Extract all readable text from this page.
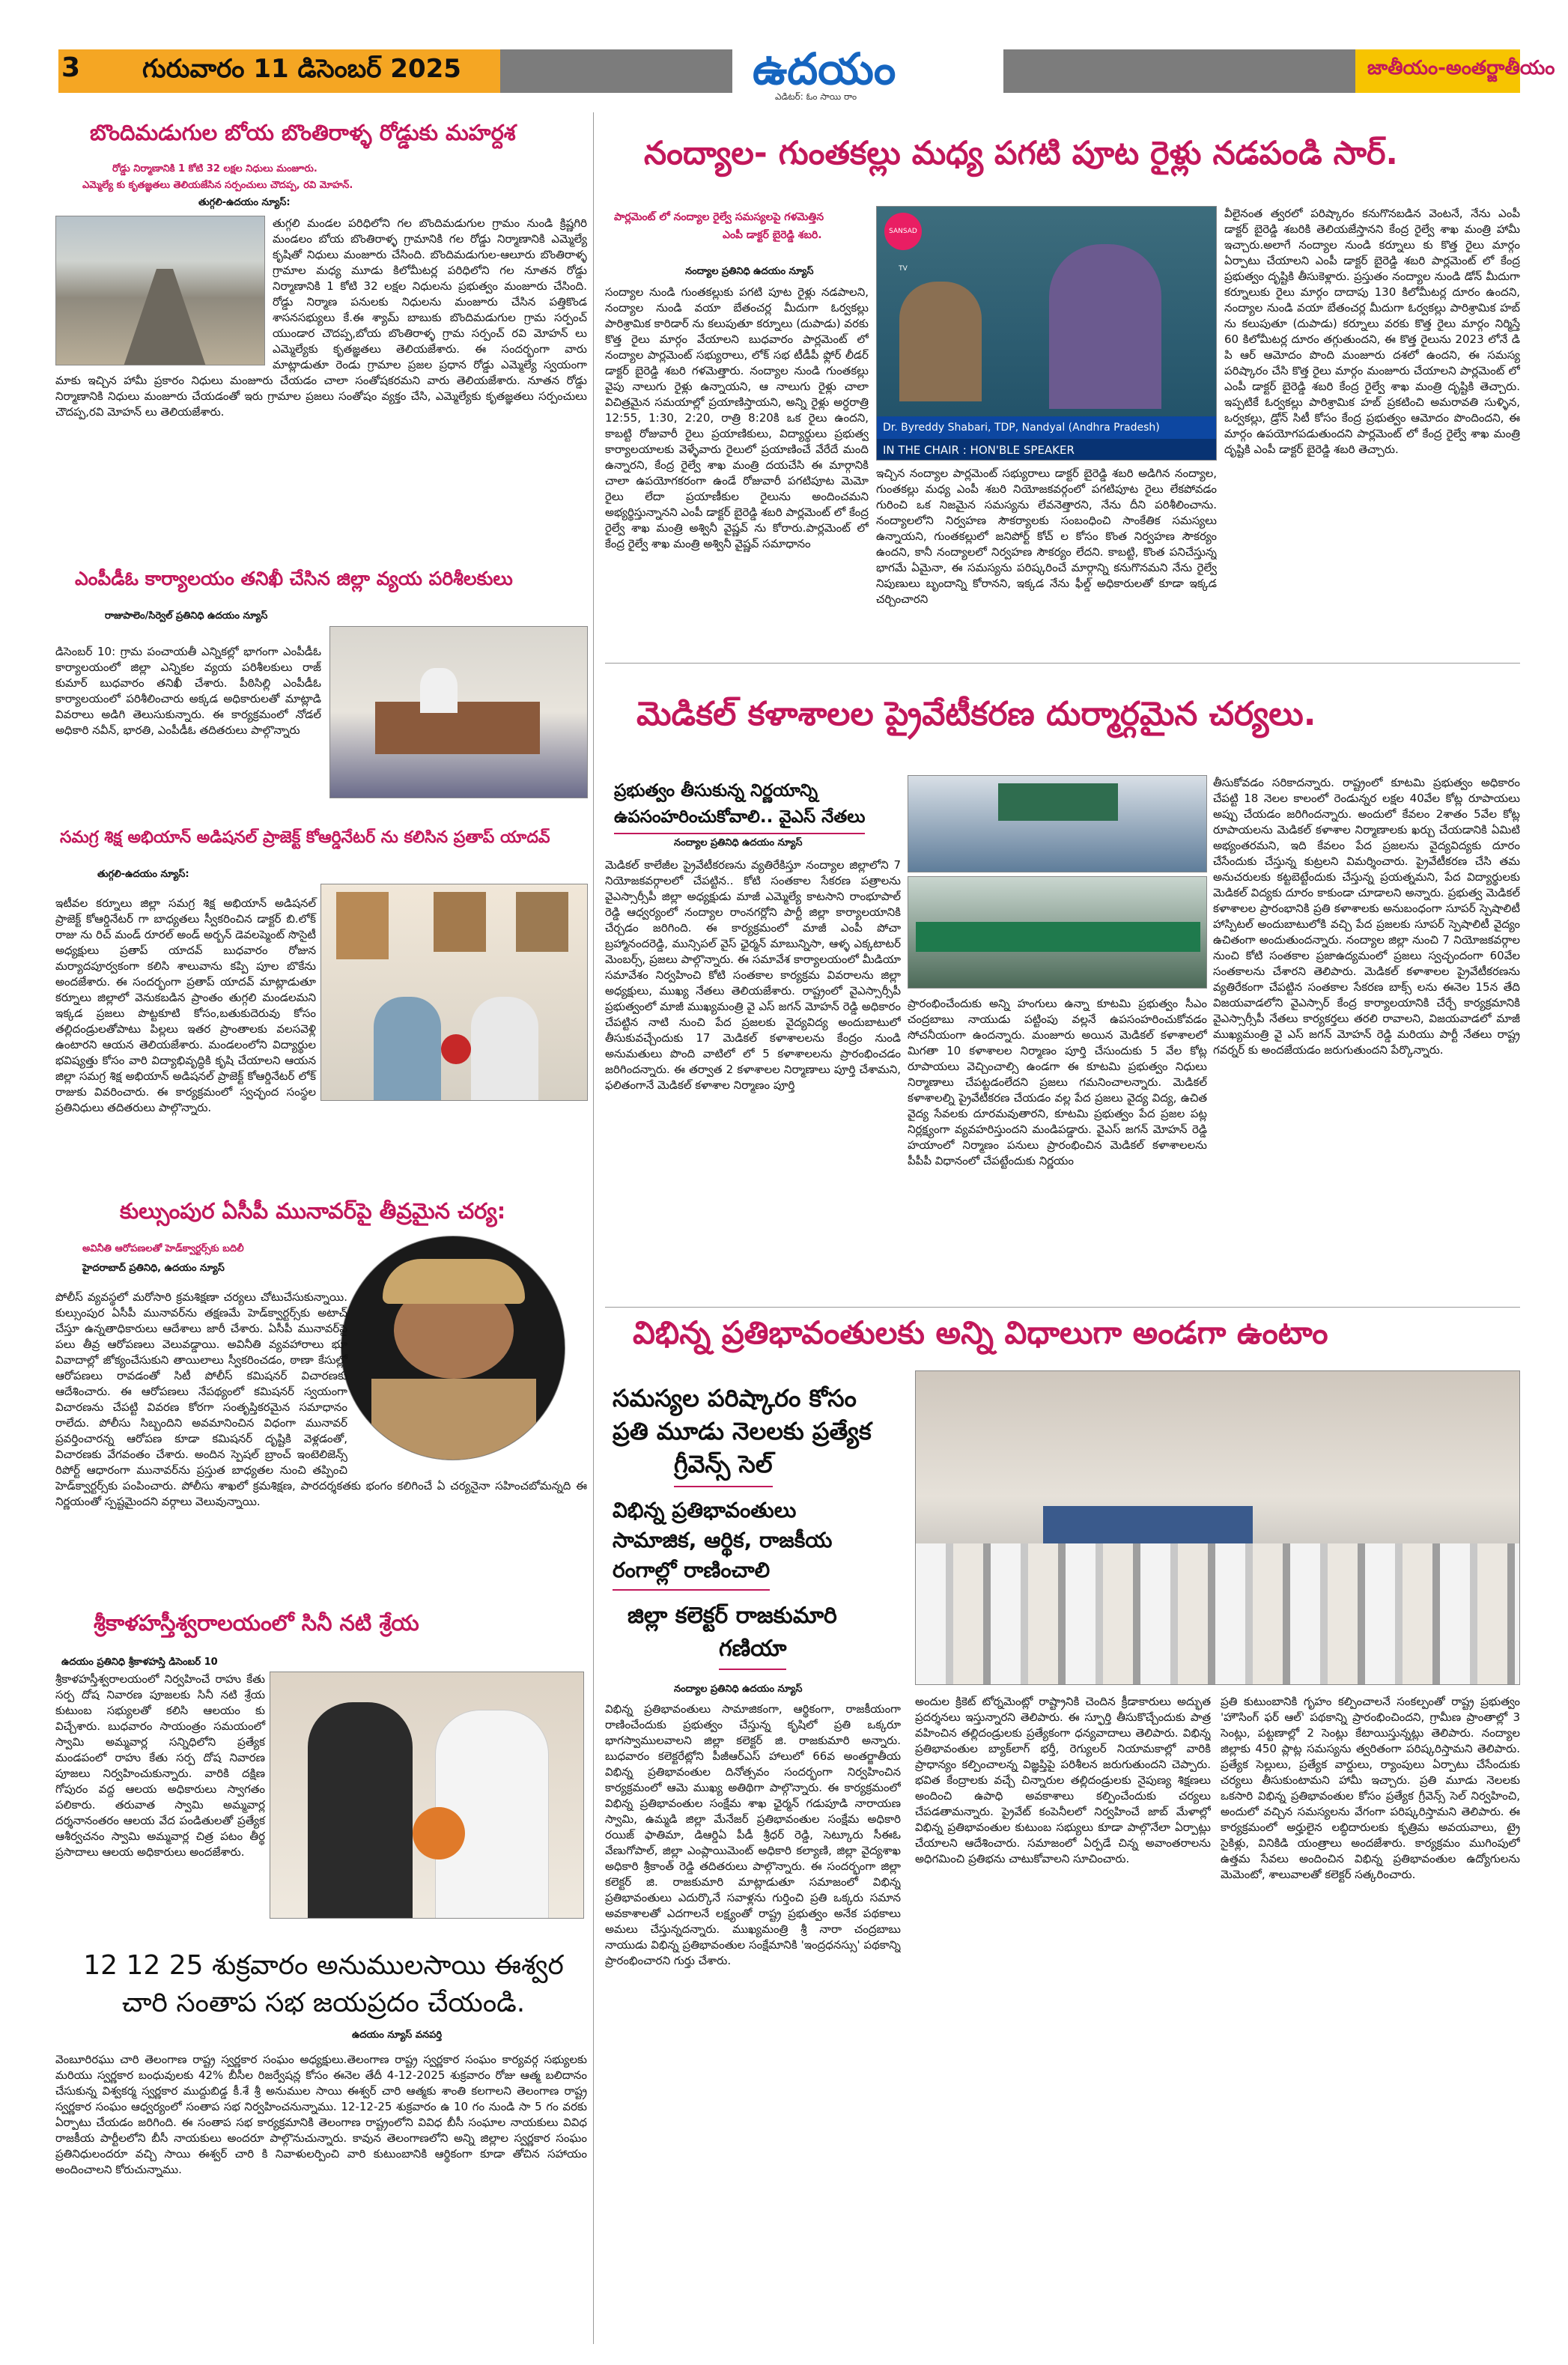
3	గురువారం 11 డిసెంబర్ 2025	ఉదయం
ఎడిటర్: ఓం సాయి రాం
జాతీయం-అంతర్జాతీయం
బొందిమడుగుల బోయ బొంతిరాళ్ళ రోడ్డుకు మహర్దశ
రోడ్డు నిర్మాణానికి 1 కోటి 32 లక్షల నిధులు మంజూరు.
ఎమ్మెల్యే కు కృతజ్ఞతలు తెలియజేసిన సర్పంచులు చౌదప్ప, రవి మోహన్.
తుగ్గలి-ఉదయం న్యూస్:
తుగ్గలి మండల పరిధిలోని గల బొందిమడుగుల గ్రామం నుండి క్రిష్ణగిరి మండలం బోయ బొంతిరాళ్ళ గ్రామానికి గల రోడ్డు నిర్మాణానికి ఎమ్మెల్యే కృషితో నిధులు మంజూరు చేసింది. బొందిమడుగుల-ఆలూరు బొంతిరాళ్ళ గ్రామాల మధ్య మూడు కిలోమీటర్ల పరిధిలోని గల నూతన రోడ్డు నిర్మాణానికి 1 కోటి 32 లక్షల నిధులను ప్రభుత్వం మంజూరు చేసింది. రోడ్డు నిర్మాణ పనులకు నిధులను మంజూరు చేసిన పత్తికొండ శాసనసభ్యులు కే.ఈ శ్యామ్ బాబుకు బొందిమడుగుల గ్రామ సర్పంచ్ యుండార చౌదప్ప,బోయ బొంతిరాళ్ళ గ్రామ సర్పంచ్ రవి మోహన్ లు ఎమ్మెల్యేకు కృతజ్ఞతలు తెలియజేశారు. ఈ సందర్భంగా వారు మాట్లాడుతూ రెండు గ్రామాల ప్రజల ప్రధాన రోడ్డు ఎమ్మెల్యే స్వయంగా మాకు ఇచ్చిన హామీ ప్రకారం నిధులు మంజూరు చేయడం చాలా సంతోషకరమని వారు తెలియజేశారు. నూతన రోడ్డు నిర్మాణానికి నిధులు మంజూరు చేయడంతో ఇరు గ్రామాల ప్రజలు సంతోషం వ్యక్తం చేసి, ఎమ్మెల్యేకు కృతజ్ఞతలు సర్పంచులు చౌదప్ప,రవి మోహన్ లు తెలియజేశారు.
ఎంపీడీఓ కార్యాలయం తనిఖీ చేసిన జిల్లా వ్యయ పరిశీలకులు
రాజుపాలెం/సిర్వెల్ ప్రతినిధి ఉదయం న్యూస్
డిసెంబర్ 10: గ్రామ పంచాయతీ ఎన్నికల్లో భాగంగా ఎంపీడీఓ కార్యాలయంలో జిల్లా ఎన్నికల వ్యయ పరిశీలకులు రాజ్ కుమార్ బుధవారం తనిఖీ చేశారు. పీఠిసిల్లి ఎంపీడీఓ కార్యాలయంలో పరిశీలించారు అక్కడ అధికారులతో మాట్లాడి వివరాలు అడిగి తెలుసుకున్నారు. ఈ కార్యక్రమంలో నోడల్ అధికారి నవీన్, భారతి, ఎంపీడీఓ తదితరులు పాల్గొన్నారు
సమగ్ర శిక్ష అభియాన్ అడిషనల్ ప్రాజెక్ట్ కోఆర్డినేటర్ ను కలిసిన ప్రతాప్ యాదవ్
తుగ్గలి-ఉదయం న్యూస్:
ఇటీవల కర్నూలు జిల్లా సమగ్ర శిక్ష అభియాన్ అడిషనల్ ప్రాజెక్ట్ కోఆర్డినేటర్ గా బాధ్యతలు స్వీకరించిన డాక్టర్ బి.లోక్ రాజు ను రిచ్ మండ్ రూరల్ అండ్ అర్బన్ డెవలప్మెంట్ సొసైటీ అధ్యక్షులు ప్రతాప్ యాదవ్ బుధవారం రోజున మర్యాదపూర్వకంగా కలిసి శాలువాను కప్పి పూల బొకేను అందజేశారు. ఈ సందర్భంగా ప్రతాప్ యాదవ్ మాట్లాడుతూ కర్నూలు జిల్లాలో వెనుకబడిన ప్రాంతం తుగ్గలి మండలమని ఇక్కడ ప్రజలు పొట్టకూటి కోసం,బతుకుదెరువు కోసం తల్లిదండ్రులతోపాటు పిల్లలు ఇతర ప్రాంతాలకు వలసవెళ్లి ఉంటారని ఆయన తెలియజేశారు. మండలంలోని విద్యార్థుల భవిష్యత్తు కోసం వారి విద్యాభివృద్ధికి కృషి చేయాలని ఆయన జిల్లా సమగ్ర శిక్ష అభియాన్ అడిషనల్ ప్రాజెక్ట్ కోఆర్డినేటర్ లోక్ రాజుకు వివరించారు. ఈ కార్యక్రమంలో స్వచ్ఛంద సంస్థల ప్రతినిధులు తదితరులు పాల్గొన్నారు.
కుల్సుంపుర ఏసీపీ మునావర్‌పై తీవ్రమైన చర్య:
అవినీతి ఆరోపణలతో హెడ్‌క్వార్టర్స్‌కు బదిలీ
హైదరాబాద్ ప్రతినిధి, ఉదయం న్యూస్
పోలీస్ వ్యవస్థలో మరోసారి క్రమశిక్షణా చర్యలు చోటుచేసుకున్నాయి. కుల్సుంపుర ఏసీపీ మునావర్‌ను తక్షణమే హెడ్‌క్వార్టర్స్‌కు అటాచ్ చేస్తూ ఉన్నతాధికారులు ఆదేశాలు జారీ చేశారు. ఏసీపీ మునావర్‌పై పలు తీవ్ర ఆరోపణలు వెలువడ్డాయి. అవినీతి వ్యవహారాలు భూ వివాదాల్లో జోక్యంచేసుకుని తాయిలాలు స్వీకరించడం, ఠాణా కేసుల్లో ఆరోపణలు రావడంతో సిటీ పోలీస్ కమిషనర్ విచారణకు ఆదేశించారు. ఈ ఆరోపణలు నేపథ్యంలో కమిషనర్ స్వయంగా విచారణను చేపట్టి వివరణ కోరగా సంతృప్తికరమైన సమాధానం రాలేదు. పోలీసు సిబ్బందిని అవమానించిన విధంగా మునావర్ ప్రవర్తించారన్న ఆరోపణ కూడా కమిషనర్ దృష్టికి వెళ్లడంతో, విచారణకు వేగవంతం చేశారు. అందిన స్పెషల్ బ్రాంచ్ ఇంటెలిజెన్స్ రిపోర్ట్ ఆధారంగా మునావర్‌ను ప్రస్తుత బాధ్యతల నుంచి తప్పించి హెడ్‌క్వార్టర్స్‌కు పంపించారు. పోలీసు శాఖలో క్రమశిక్షణ, పారదర్శకతకు భంగం కలిగించే ఏ చర్యనైనా సహించబోమన్నది ఈ నిర్ణయంతో స్పష్టమైందని వర్గాలు వెలువున్నాయి.
శ్రీకాళహస్తీశ్వరాలయంలో సినీ నటి శ్రేయ
ఉదయం ప్రతినిధి శ్రీకాళహస్తి డిసెంబర్ 10
శ్రీకాళహస్తీశ్వరాలయంలో నిర్వహించే రాహు కేతు సర్ప దోష నివారణ పూజలకు సినీ నటి శ్రేయ కుటుంబ సభ్యులతో కలిసి ఆలయం కు విచ్చేశారు. బుధవారం సాయంత్రం సమయంలో స్వామి అమ్మవార్ల సన్నిధిలోని ప్రత్యేక మండపంలో రాహు కేతు సర్ప దోష నివారణ పూజలు నిర్వహించుకున్నారు. వారికి దక్షిణ గోపురం వద్ద ఆలయ అధికారులు స్వాగతం పలికారు. తరువాత స్వామి అమ్మవార్ల దర్శనానంతరం ఆలయ వేద పండితులతో ప్రత్యేక ఆశీర్వచనం స్వామి అమ్మవార్ల చిత్ర పటం తీర్థ ప్రసాదాలు ఆలయ అధికారులు అందజేశారు.
12 12 25 శుక్రవారం అనుములసాయి ఈశ్వర చారి సంతాప సభ జయప్రదం చేయండి.
ఉదయం న్యూస్ వనపర్తి
వెంబూరిరఘు చారి తెలంగాణ రాష్ట్ర స్వర్ణకార సంఘం అధ్యక్షులు.తెలంగాణ రాష్ట్ర స్వర్ణకార సంఘం కార్యవర్గ సభ్యులకు మరియు స్వర్ణకార బంధువులకు 42% బీసీల రిజర్వేషన్ల కోసం ఈనెల తేదీ 4-12-2025 శుక్రవారం రోజు ఆత్మ బలిదానం చేసుకున్న విశ్వకర్మ స్వర్ణకార ముద్దుబిడ్డ కీ.శే శ్రీ అనుముల సాయి ఈశ్వర్ చారి ఆత్మకు శాంతి కలగాలని తెలంగాణ రాష్ట్ర స్వర్ణకార సంఘం ఆధ్వర్యంలో సంతాప సభ నిర్వహించనున్నాము. 12-12-25 శుక్రవారం ఉ 10 గం నుండి సా 5 గం వరకు ఏర్పాటు చేయడం జరిగింది. ఈ సంతాప సభ కార్యక్రమానికి తెలంగాణ రాష్ట్రంలోని వివిధ బీసీ సంఘాల నాయకులు వివిధ రాజకీయ పార్టీలలోని బీసీ నాయకులు అందరూ పాల్గొనుచున్నారు. కావున తెలంగాణలోని అన్ని జిల్లాల స్వర్ణకార సంఘం ప్రతినిధులందరూ వచ్చి సాయి ఈశ్వర్ చారి కి నివాళులర్పించి వారి కుటుంబానికి ఆర్థికంగా కూడా తోచిన సహాయం అందించాలని కోరుచున్నాము.
నంద్యాల- గుంతకల్లు మధ్య పగటి పూట రైళ్లు నడపండి సార్.
పార్లమెంట్ లో నంద్యాల రైల్వే సమస్యలపై గళమెత్తిన
ఎంపీ డాక్టర్ బైరెడ్డి శబరి.
నంద్యాల ప్రతినిధి ఉదయం న్యూస్
SANSAD TV
Dr. Byreddy Shabari, TDP, Nandyal (Andhra Pradesh)
IN THE CHAIR : HON'BLE SPEAKER
సంద్యాల నుండి గుంతకల్లుకు పగటి పూట రైళ్లు నడపాలని, నంద్యాల నుండి వయా బేతంచర్ల మీదుగా ఓర్వకల్లు పారిశ్రామిక కారిడార్ ను కలుపుతూ కర్నూలు (దుపాడు) వరకు కొత్త రైలు మార్గం వేయాలని బుధవారం పార్లమెంట్ లో నంద్యాల పార్లమెంట్ సభ్యురాలు, లోక్ సభ టీడీపీ ఫ్లోర్ లీడర్ డాక్టర్ బైరెడ్డి శబరి గళమెత్తారు. నంద్యాల నుండి గుంతకల్లు వైపు నాలుగు రైళ్లు ఉన్నాయని, ఆ నాలుగు రైళ్లు చాలా విచిత్రమైన సమయాల్లో ప్రయాణిస్తాయని, అన్ని రైళ్లు అర్ధరాత్రి 12:55, 1:30, 2:20, రాత్రి 8:20కి ఒక రైలు ఉందని, కాబట్టి రోజువారీ రైలు ప్రయాణికులు, విద్యార్థులు ప్రభుత్వ కార్యాలయాలకు వెళ్ళేవారు రైలులో ప్రయాణించే వేరేదే మంది ఉన్నారని, కేంద్ర రైల్వే శాఖ మంత్రి దయచేసి ఈ మార్గానికి చాలా ఉపయోగకరంగా ఉండే రోజువారీ పగటిపూట మెమో రైలు లేదా ప్రయాణీకుల రైలును అందించమని అభ్యర్థిస్తున్నానని ఎంపీ డాక్టర్ బైరెడ్డి శబరి పార్లమెంట్ లో కేంద్ర రైల్వే శాఖ మంత్రి అశ్వినీ వైష్ణవ్ ను కోరారు.పార్లమెంట్ లో కేంద్ర రైల్వే శాఖ మంత్రి అశ్వినీ వైష్ణవ్ సమాధానం
ఇచ్చిన నంద్యాల పార్లమెంట్ సభ్యురాలు డాక్టర్ బైరెడ్డి శబరి అడిగిన నంద్యాల, గుంతకల్లు మధ్య ఎంపీ శబరి నియోజకవర్గంలో పగటిపూట రైలు లేకపోవడం గురించి ఒక నిజమైన సమస్యను లేవనెత్తారని, నేను దీని పరిశీలించాను. నంద్యాలలోని నిర్వహణ సౌకర్యాలకు సంబంధించి సాంకేతిక సమస్యలు ఉన్నాయని, గుంతకల్లులో జనిపోర్ట్ కోచ్ ల కోసం కొంత నిర్వహణ సౌకర్యం ఉందని, కానీ నంద్యాలలో నిర్వహణ సౌకర్యం లేదని. కాబట్టి, కొంత పనిచేస్తున్న భాగమే ఏమైనా, ఈ సమస్యను పరిష్కరించే మార్గాన్ని కనుగొనమని నేను రైల్వే నిపుణులు బృందాన్ని కోరానని, ఇక్కడ నేను ఫీల్డ్ అధికారులతో కూడా ఇక్కడ చర్చించారని
వీలైనంత త్వరలో పరిష్కారం కనుగొనబడిన వెంటనే, నేను ఎంపీ డాక్టర్ బైరెడ్డి శబరికి తెలియజేస్తానని కేంద్ర రైల్వే శాఖ మంత్రి హామీ ఇచ్చారు.అలాగే నంద్యాల నుండి కర్నూలు కు కొత్త రైలు మార్గం ఏర్పాటు చేయాలని ఎంపీ డాక్టర్ బైరెడ్డి శబరి పార్లమెంట్ లో కేంద్ర ప్రభుత్వం దృష్టికి తీసుకెళ్లారు. ప్రస్తుతం నంద్యాల నుండి డోన్ మీదుగా కర్నూలుకు రైలు మార్గం దాదాపు 130 కిలోమీటర్ల దూరం ఉందని, నంద్యాల నుండి వయా బేతంచర్ల మీదుగా ఓర్వకల్లు పారిశ్రామిక హబ్ ను కలుపుతూ (దుపాడు) కర్నూలు వరకు కొత్త రైలు మార్గం నిర్మిస్తే 60 కిలోమీటర్ల దూరం తగ్గుతుందని, ఈ కొత్త రైలును 2023 లోనే డి పి ఆర్ ఆమోదం పొంది మంజూరు దశలో ఉందని, ఈ సమస్య పరిష్కారం చేసి కొత్త రైలు మార్గం మంజూరు చేయాలని పార్లమెంట్ లో ఎంపీ డాక్టర్ బైరెడ్డి శబరి కేంద్ర రైల్వే శాఖ మంత్రి దృష్టికి తెచ్చారు. ఇప్పటికే ఓర్వకల్లు పారిశ్రామిక హబ్ ప్రకటించి అమరావతి సుళ్ళిన, ఒర్వకల్లు, డ్రోన్ సిటీ కోసం కేంద్ర ప్రభుత్వం ఆమోదం పొందిందని, ఈ మార్గం ఉపయోగపడుతుందని పార్లమెంట్ లో కేంద్ర రైల్వే శాఖ మంత్రి దృష్టికి ఎంపీ డాక్టర్ బైరెడ్డి శబరి తెచ్చారు.
మెడికల్ కళాశాలల ప్రైవేటీకరణ దుర్మార్గమైన చర్యలు.
ప్రభుత్వం తీసుకున్న నిర్ణయాన్ని
ఉపసంహరించుకోవాలి.. వైఎస్ నేతలు
నంద్యాల ప్రతినిధి ఉదయం న్యూస్
మెడికల్ కాలేజీల ప్రైవేటీకరణను వ్యతిరేకిస్తూ నంద్యాల జిల్లాలోని 7 నియోజకవర్గాలలో చేపట్టిన.. కోటి సంతకాల సేకరణ పత్రాలను వైఎస్సార్సీపీ జిల్లా అధ్యక్షుడు మాజీ ఎమ్మెల్యే కాటసాని రాంభూపాల్ రెడ్డి ఆధ్వర్యంలో నంద్యాల రాంనగర్లోని పార్టీ జిల్లా కార్యాలయానికి చేర్చడం జరిగింది. ఈ కార్యక్రమంలో మాజీ ఎంపీ పోచా బ్రహ్మానందరెడ్డి, మున్సిపల్ వైస్ ఛైర్మన్ మాబున్నిసా, ఆళ్ళ ఎక్కటాటర్ మెంబర్స్, ప్రజలు పాల్గొన్నారు. ఈ సమావేశ కార్యాలయంలో మీడియా సమావేశం నిర్వహించి కోటి సంతకాల కార్యక్రమ వివరాలను జిల్లా అధ్యక్షులు, ముఖ్య నేతలు తెలియజేశారు. రాష్ట్రంలో వైఎస్సార్సీపీ ప్రభుత్వంలో మాజీ ముఖ్యమంత్రి వై ఎస్ జగన్ మోహన్ రెడ్డి అధికారం చేపట్టిన నాటి నుంచి పేద ప్రజలకు వైద్యవిద్య అందుబాటులో తీసుకువచ్చేందుకు 17 మెడికల్ కళాశాలలను కేంద్రం నుండి అనుమతులు పొంది వాటిలో లో 5 కళాశాలలను ప్రారంభించడం జరిగిందన్నారు. ఈ తర్వాత 2 కళాశాలల నిర్మాణాలు పూర్తి చేశామని, ఫలితంగానే మెడికల్ కళాశాల నిర్మాణం పూర్తి
ప్రారంభించేందుకు అన్ని హంగులు ఉన్నా కూటమి ప్రభుత్వం సీఎం చంద్రబాబు నాయుడు పట్టింపు వల్లనే ఉపసంహరించుకోవడం సోచనీయంగా ఉందన్నారు. మంజూరు అయిన మెడికల్ కళాశాలలో మిగతా 10 కళాశాలల నిర్మాణం పూర్తి చేసుందుకు 5 వేల కోట్ల రూపాయలు వెచ్చించాల్సి ఉండగా ఈ కూటమి ప్రభుత్వం నిధులు నిర్మాణాలు చేపట్టడంలేదని ప్రజలు గమనించాలన్నారు. మెడికల్ కళాశాలల్ని ప్రైవేటీకరణ చేయడం వల్ల పేద ప్రజలు వైద్య విద్య, ఉచిత వైద్య సేవలకు దూరమవుతారని, కూటమి ప్రభుత్వం పేద ప్రజల పట్ల నిర్లక్ష్యంగా వ్యవహరిస్తుందని మండిపడ్డారు. వైఎస్ జగన్ మోహన్ రెడ్డి హయాంలో నిర్మాణం పనులు ప్రారంభించిన మెడికల్ కళాశాలలను పీపీపీ విధానంలో చేపట్టేందుకు నిర్ణయం
తీసుకోవడం సరికాదన్నారు. రాష్ట్రంలో కూటమి ప్రభుత్వం అధికారం చేపట్టి 18 నెలల కాలంలో రెండున్నర లక్షల 40వేల కోట్ల రూపాయలు అప్పు చేయడం జరిగిందన్నారు. అందులో కేవలం 2శాతం 5వేల కోట్ల రూపాయలను మెడికల్ కళాశాల నిర్మాణాలకు ఖర్చు చేయడానికి ఏమిటి అభ్యంతరమని, ఇది కేవలం పేద ప్రజలను వైద్యవిద్యకు దూరం చేసేందుకు చేస్తున్న కుట్రలని విమర్శించారు. ప్రైవేటీకరణ చేసి తమ అనుచరులకు కట్టబెట్టేందుకు చేస్తున్న ప్రయత్నమని, పేద విద్యార్థులకు మెడికల్ విద్యకు దూరం కాకుండా చూడాలని అన్నారు. ప్రభుత్వ మెడికల్ కళాశాలల ప్రారంభానికి ప్రతి కళాశాలకు అనుబంధంగా సూపర్ స్పెషాలిటీ హాస్పిటల్ అందుబాటులోకి వచ్చి పేద ప్రజలకు సూపర్ స్పెషాలిటీ వైద్యం ఉచితంగా అందుతుందన్నారు. నంద్యాల జిల్లా నుంచి 7 నియోజకవర్గాల నుంచి కోటి సంతకాల ప్రజాఉద్యమంలో ప్రజలు స్వచ్ఛందంగా 60వేల సంతకాలను చేశారని తెలిపారు. మెడికల్ కళాశాలల ప్రైవేటీకరణను వ్యతిరేకంగా చేపట్టిన సంతకాల సేకరణ బాక్స్ లను ఈనెల 15న తేది విజయవాడలోని వైఎస్సార్ కేంద్ర కార్యాలయానికి చేర్చే కార్యక్రమానికి వైఎస్సార్సీపీ నేతలు కార్యకర్తలు తరలి రావాలని, విజయవాడలో మాజీ ముఖ్యమంత్రి వై ఎస్ జగన్ మోహన్ రెడ్డి మరియు పార్టీ నేతలు రాష్ట్ర గవర్నర్ కు అందజేయడం జరుగుతుందని పేర్కొన్నారు.
విభిన్న ప్రతిభావంతులకు అన్ని విధాలుగా అండగా ఉంటాం
సమస్యల పరిష్కారం కోసం
ప్రతి మూడు నెలలకు ప్రత్యేక
గ్రీవెన్స్ సెల్
విభిన్న ప్రతిభావంతులు
సామాజిక, ఆర్థిక, రాజకీయ
రంగాల్లో రాణించాలి
జిల్లా కలెక్టర్ రాజకుమారి
గణియా
నంద్యాల ప్రతినిధి ఉదయం న్యూస్
విభిన్న ప్రతిభావంతులు సామాజికంగా, ఆర్థికంగా, రాజకీయంగా రాణించేందుకు ప్రభుత్వం చేస్తున్న కృషిలో ప్రతి ఒక్కరూ భాగస్వాములవాలని జిల్లా కలెక్టర్ జి. రాజకుమారి అన్నారు. బుధవారం కలెక్టరేట్లోని పీజీఆర్ఎస్ హాలులో 66వ అంతర్జాతీయ విభిన్న ప్రతిభావంతుల దినోత్సవం సందర్భంగా నిర్వహించిన కార్యక్రమంలో ఆమె ముఖ్య అతిథిగా పాల్గొన్నారు. ఈ కార్యక్రమంలో విభిన్న ప్రతిభావంతుల సంక్షేమ శాఖ ఛైర్మన్ గడుపూడి నారాయణ స్వామి, ఉమ్మడి జిల్లా మేనేజర్ ప్రతిభావంతుల సంక్షేమ అధికారి రయిజ్ ఫాతిమా, డిఆర్డిఏ పీడీ శ్రీధర్ రెడ్డి, సెట్కూరు సీఈఓ వేణుగోపాల్, జిల్లా ఎంప్లాయిమెంట్ అధికారి కల్యాణి, జిల్లా వైద్యశాఖ అధికారి శ్రీకాంత్ రెడ్డి తదితరులు పాల్గొన్నారు. ఈ సందర్భంగా జిల్లా కలెక్టర్ జి. రాజకుమారి మాట్లాడుతూ సమాజంలో విభిన్న ప్రతిభావంతులు ఎదుర్కొనే సవాళ్లను గుర్తించి ప్రతి ఒక్కరు సమాన అవకాశాలతో ఎదగాలనే లక్ష్యంతో రాష్ట్ర ప్రభుత్వం అనేక పథకాలు అమలు చేస్తున్నదన్నారు. ముఖ్యమంత్రి శ్రీ నారా చంద్రబాబు నాయుడు విభిన్న ప్రతిభావంతుల సంక్షేమానికి 'ఇంద్రధనస్సు' పథకాన్ని ప్రారంభించారని గుర్తు చేశారు.
అందుల క్రికెట్ టోర్నమెంట్లో రాష్ట్రానికి చెందిన క్రీడాకారులు అద్భుత ప్రదర్శనలు ఇస్తున్నారని తెలిపారు. ఈ స్ఫూర్తి తీసుకొచ్చేందుకు పాత్ర వహించిన తల్లిదండ్రులకు ప్రత్యేకంగా ధన్యవాదాలు తెలిపారు. విభిన్న ప్రతిభావంతుల బ్యాక్‌లాగ్ భర్తీ, రెగ్యులర్ నియామకాల్లో వారికి ప్రాధాన్యం కల్పించాలన్న విజ్ఞప్తిపై పరిశీలన జరుగుతుందని చెప్పారు. భవిత కేంద్రాలకు వచ్చే చిన్నారుల తల్లిదండ్రులకు నైపుణ్య శిక్షణలు అందించి ఉపాధి అవకాశాలు కల్పించేందుకు చర్యలు చేపడతామన్నారు. ప్రైవేట్ కంపెనీలలో నిర్వహించే జాబ్ మేళాల్లో విభిన్న ప్రతిభావంతుల కుటుంబ సభ్యులు కూడా పాల్గొనేలా ఏర్పాట్లు చేయాలని ఆదేశించారు. సమాజంలో ఏర్పడే చిన్న అవాంతరాలను అధిగమించి ప్రతిభను చాటుకోవాలని సూచించారు.
ప్రతి కుటుంబానికి గృహం కల్పించాలనే సంకల్పంతో రాష్ట్ర ప్రభుత్వం 'హౌసింగ్ ఫర్ ఆల్' పథకాన్ని ప్రారంభించిందని, గ్రామీణ ప్రాంతాల్లో 3 సెంట్లు, పట్టణాల్లో 2 సెంట్లు కేటాయిస్తున్నట్లు తెలిపారు. నంద్యాల జిల్లాకు 450 ప్లాట్ల సమస్యను త్వరితంగా పరిష్కరిస్తామని తెలిపారు. ప్రత్యేక సెల్లులు, ప్రత్యేక వార్డులు, ర్యాంపులు ఏర్పాటు చేసేందుకు చర్యలు తీసుకుంటామని హామీ ఇచ్చారు. ప్రతి మూడు నెలలకు ఒకసారి విభిన్న ప్రతిభావంతుల కోసం ప్రత్యేక గ్రీవెన్స్ సెల్ నిర్వహించి, అందులో వచ్చిన సమస్యలను వేగంగా పరిష్కరిస్తామని తెలిపారు. ఈ కార్యక్రమంలో అర్హులైన లబ్ధిదారులకు కృత్రిమ అవయవాలు, ట్రై సైకిళ్లు, వినికిడి యంత్రాలు అందజేశారు. కార్యక్రమం ముగింపులో ఉత్తమ సేవలు అందించిన విభిన్న ప్రతిభావంతుల ఉద్యోగులను మెమెంటో, శాలువాలతో కలెక్టర్ సత్కరించారు.
